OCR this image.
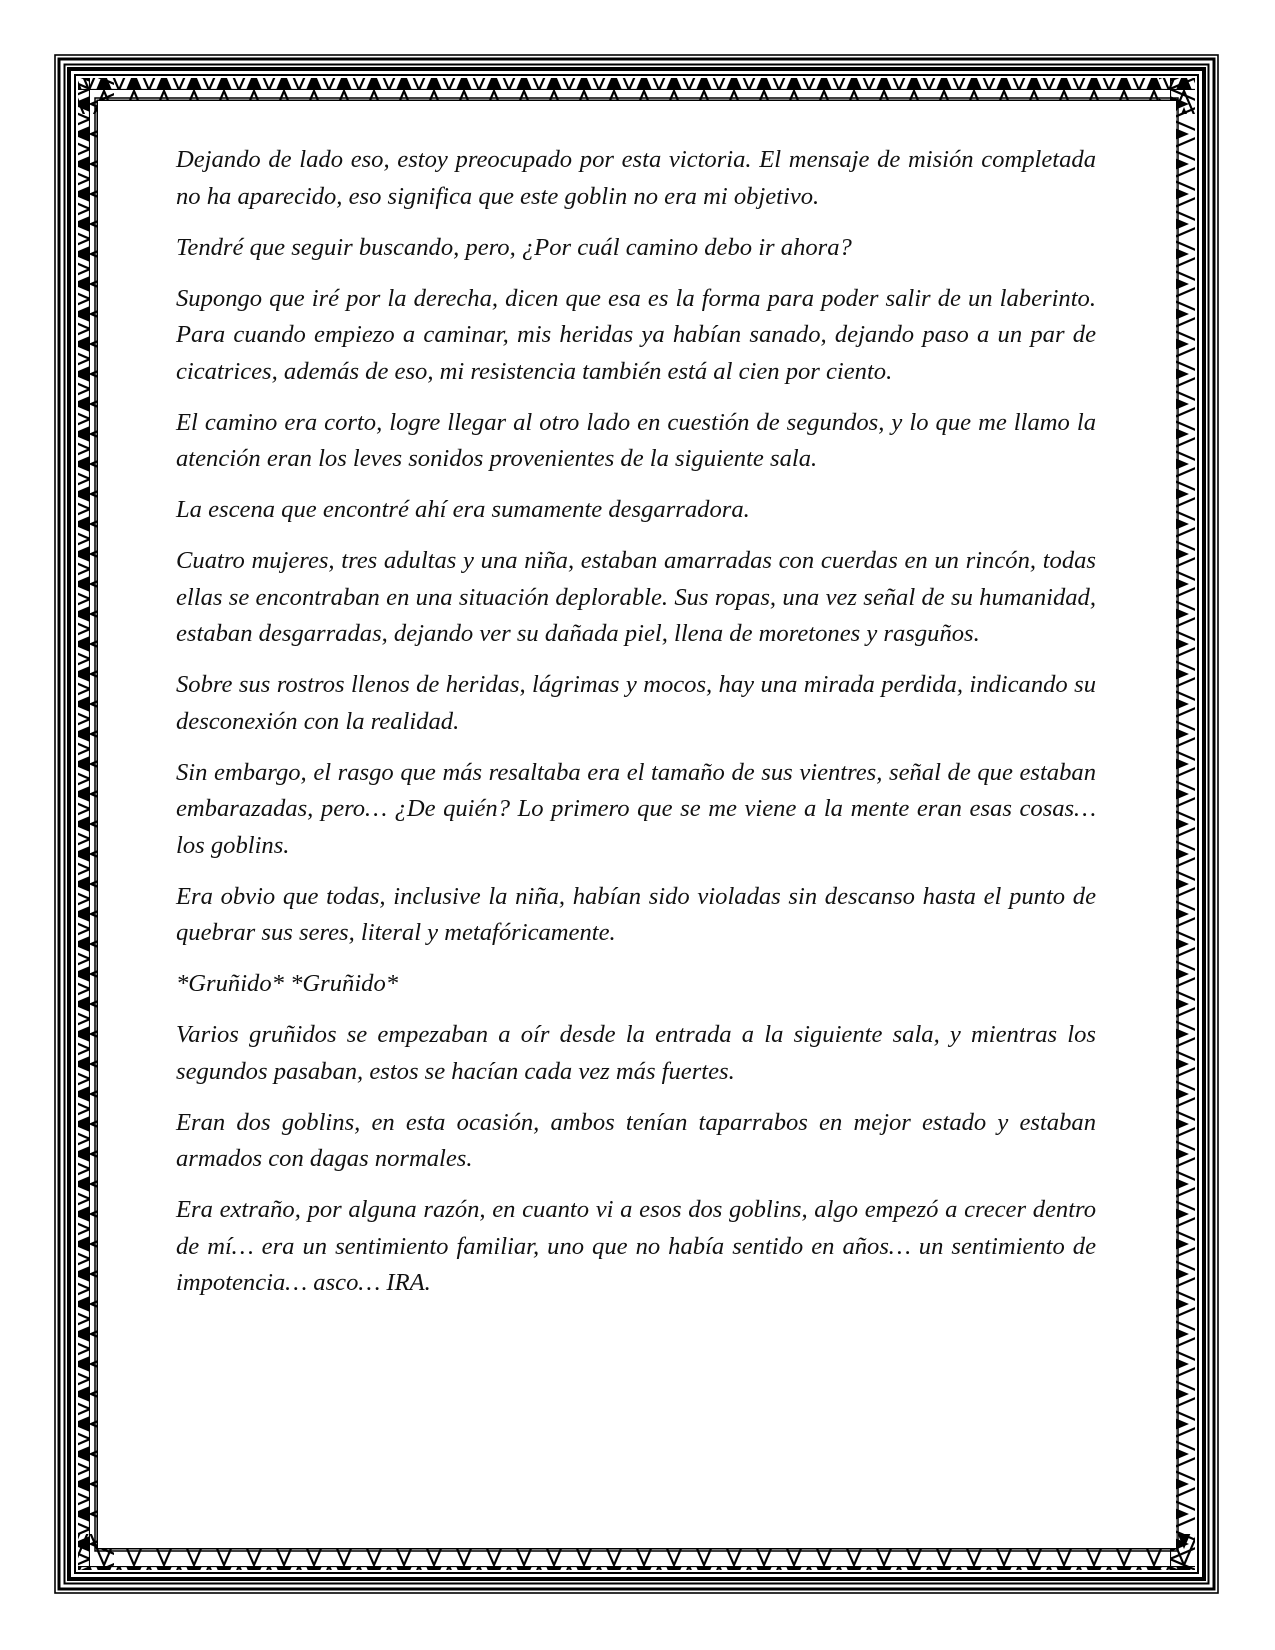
Dejando de lado eso, estoy preocupado por esta victoria. El mensaje de misión completada no ha aparecido, eso significa que este goblin no era mi objetivo.

Tendré que seguir buscando, pero, ¿Por cuál camino debo ir ahora?

Supongo que iré por la derecha, dicen que esa es la forma para poder salir de un laberinto. Para cuando empiezo a caminar, mis heridas ya habían sanado, dejando paso a un par de cicatrices, además de eso, mi resistencia también está al cien por ciento.

El camino era corto, logre llegar al otro lado en cuestión de segundos, y lo que me llamo la atención eran los leves sonidos provenientes de la siguiente sala.

La escena que encontré ahí era sumamente desgarradora.

Cuatro mujeres, tres adultas y una niña, estaban amarradas con cuerdas en un rincón, todas ellas se encontraban en una situación deplorable. Sus ropas, una vez señal de su humanidad, estaban desgarradas, dejando ver su dañada piel, llena de moretones y rasguños.

Sobre sus rostros llenos de heridas, lágrimas y mocos, hay una mirada perdida, indicando su desconexión con la realidad.

Sin embargo, el rasgo que más resaltaba era el tamaño de sus vientres, señal de que estaban embarazadas, pero… ¿De quién? Lo primero que se me viene a la mente eran esas cosas… los goblins.

Era obvio que todas, inclusive la niña, habían sido violadas sin descanso hasta el punto de quebrar sus seres, literal y metafóricamente.

*Gruñido* *Gruñido*

Varios gruñidos se empezaban a oír desde la entrada a la siguiente sala, y mientras los segundos pasaban, estos se hacían cada vez más fuertes.

Eran dos goblins, en esta ocasión, ambos tenían taparrabos en mejor estado y estaban armados con dagas normales.

Era extraño, por alguna razón, en cuanto vi a esos dos goblins, algo empezó a crecer dentro de mí… era un sentimiento familiar, uno que no había sentido en años… un sentimiento de impotencia… asco… IRA.
